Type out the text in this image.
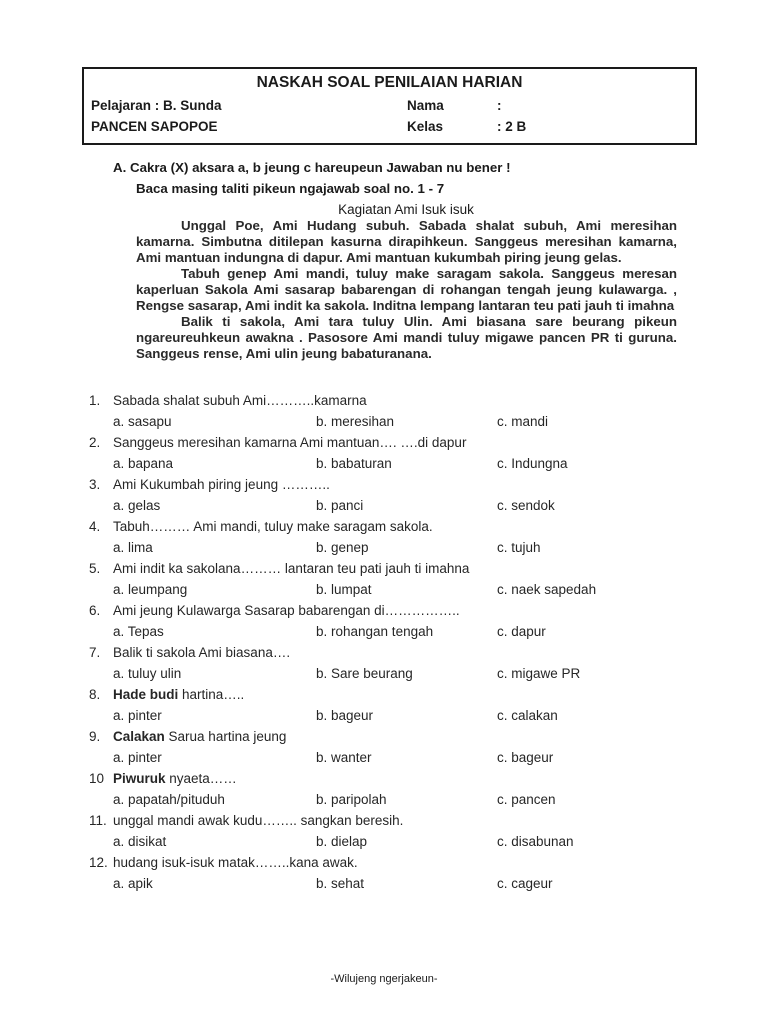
NASKAH SOAL PENILAIAN HARIAN
Pelajaran : B. Sunda	Nama	:
PANCEN SAPOPOE	Kelas	: 2 B
A. Cakra (X) aksara a, b jeung c hareupeun Jawaban nu bener !
Baca masing taliti pikeun ngajawab soal no. 1 - 7
Kagiatan Ami Isuk isuk

Unggal Poe, Ami Hudang subuh. Sabada shalat subuh, Ami meresihan kamarna. Simbutna ditilepan kasurna dirapihkeun. Sanggeus meresihan kamarna, Ami mantuan indungna di dapur. Ami mantuan kukumbah piring jeung gelas.

Tabuh genep Ami mandi, tuluy make saragam sakola. Sanggeus meresan kaperluan Sakola Ami sasarap babarengan di rohangan tengah jeung kulawarga. , Rengse sasarap, Ami indit ka sakola. Inditna lempang lantaran teu pati jauh ti imahna

Balik ti sakola, Ami tara tuluy Ulin. Ami biasana sare beurang pikeun ngareureuhkeun awakna . Pasosore Ami mandi tuluy migawe pancen PR ti guruna. Sanggeus rense, Ami ulin jeung babaturanana.

1. Sabada shalat subuh Ami………..kamarna
a. sasapu	b. meresihan	c. mandi
2. Sanggeus meresihan kamarna Ami mantuan…. ….di dapur
a. bapana	b. babaturan	c. Indungna
3. Ami Kukumbah piring jeung ………..
a. gelas	b. panci	c. sendok
4. Tabuh……… Ami mandi, tuluy make saragam sakola.
a. lima	b. genep	c. tujuh
5. Ami indit ka sakolana……… lantaran teu pati jauh ti imahna
a. leumpang	b. lumpat	c. naek sapedah
6. Ami jeung Kulawarga Sasarap babarengan di……………..
a. Tepas	b. rohangan tengah	c. dapur
7. Balik ti sakola Ami biasana….
a. tuluy ulin	b. Sare beurang	c. migawe PR
8. Hade budi hartina…..
a. pinter	b. bageur	c. calakan
9. Calakan Sarua hartina jeung
a. pinter	b. wanter	c. bageur
10 Piwuruk nyaeta……
a. papatah/pituduh	b. paripolah	c. pancen
11. unggal mandi awak kudu…….. sangkan beresih.
a. disikat	b. dielap	c. disabunan
12. hudang isuk-isuk matak……..kana awak.
a. apik	b. sehat	c. cageur
-Wilujeng ngerjakeun-
